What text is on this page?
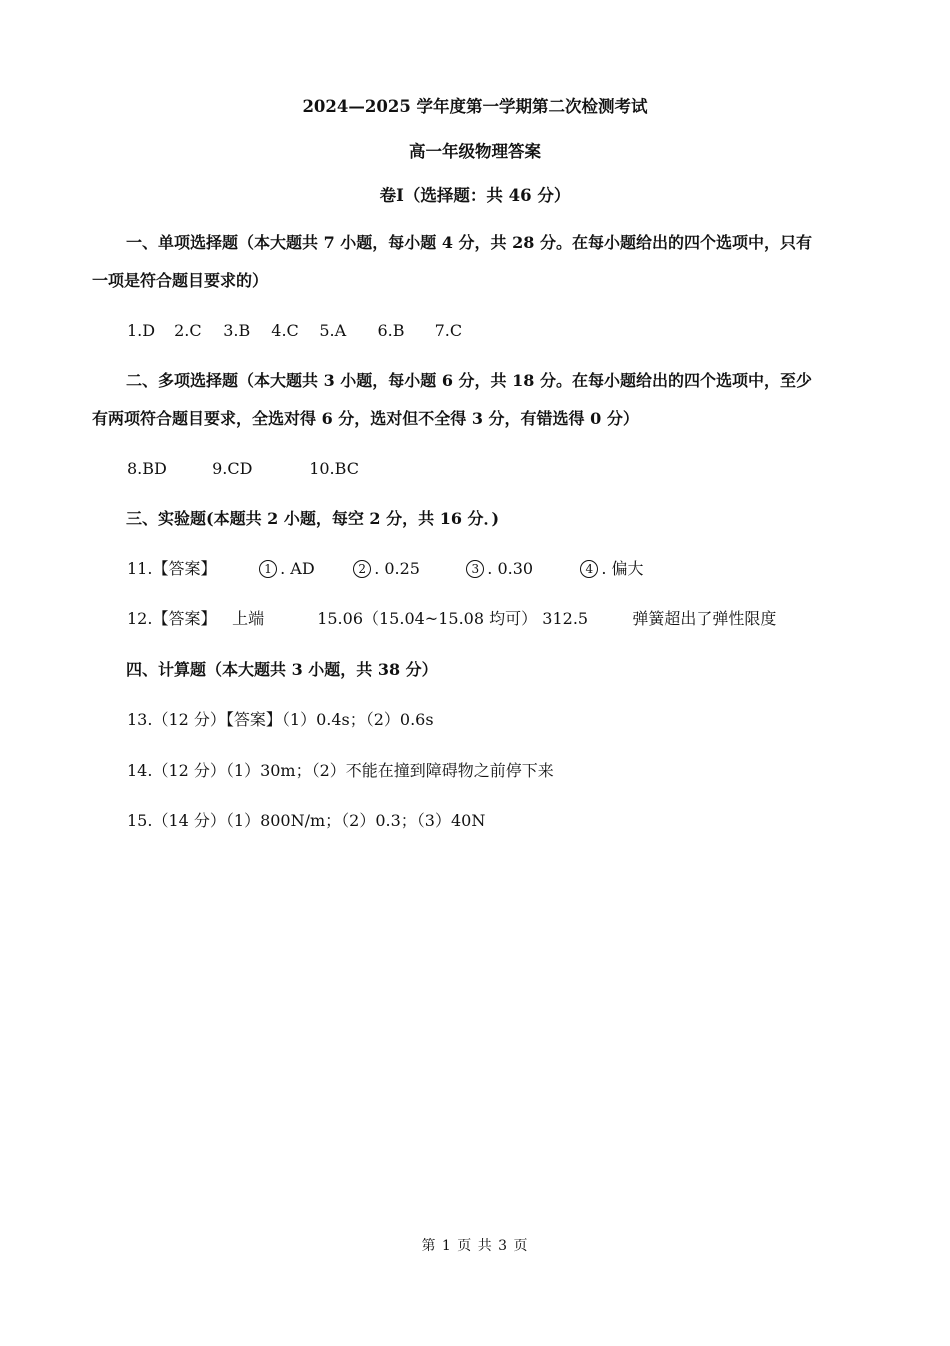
2024—2025 学年度第一学期第二次检测考试
高一年级物理答案
卷Ⅰ（选择题：共 46 分）
一、单项选择题（本大题共 7 小题，每小题 4 分，共 28 分。在每小题给出的四个选项中，只有
一项是符合题目要求的）
1.D 2.C 3.B 4.C 5.A 6.B 7.C
二、多项选择题（本大题共 3 小题，每小题 6 分，共 18 分。在每小题给出的四个选项中，至少
有两项符合题目要求，全选对得 6 分，选对但不全得 3 分，有错选得 0 分）
8.BD	9.CD	10.BC
三、实验题(本题共 2 小题，每空 2 分，共 16 分．)
11.【答案】	1 . AD	2 . 0.25	3 . 0.30	4 . 偏大
12.【答案】 上端	15.06（15.04~15.08 均可） 312.5	弹簧超出了弹性限度
四、计算题（本大题共 3 小题，共 38 分）
13.（12 分）【答案】（1）0.4s；（2）0.6s
14.（12 分）（1）30m；（2）不能在撞到障碍物之前停下来
15.（14 分）（1）800N/m；（2）0.3；（3）40N
第 1 页 共 3 页
